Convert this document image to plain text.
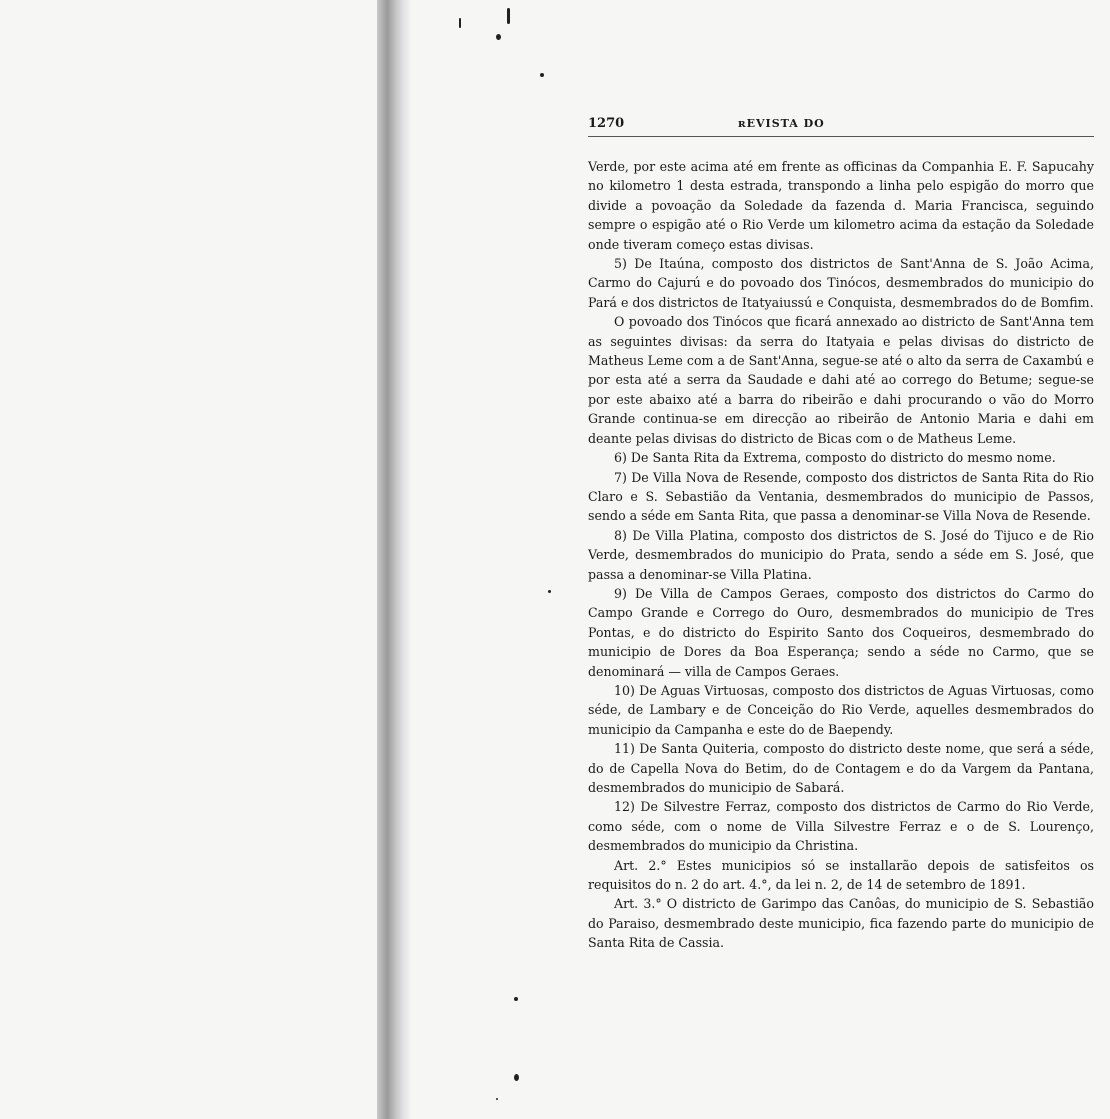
1270	ʀEVISTA DO

Verde, por este acima até em frente as officinas da Companhia E. F. Sapucahy no kilometro 1 desta estrada, transpondo a linha pelo espigão do morro que divide a povoação da Soledade da fazenda d. Maria Francisca, seguindo sempre o espigão até o Rio Verde um kilometro acima da estação da Soledade onde tiveram começo estas divisas.

5) De Itaúna, composto dos districtos de Sant'Anna de S. João Acima, Carmo do Cajurú e do povoado dos Tinócos, desmembrados do municipio do Pará e dos districtos de Itatyaiussú e Conquista, desmembrados do de Bomfim.

O povoado dos Tinócos que ficará annexado ao districto de Sant'Anna tem as seguintes divisas: da serra do Itatyaia e pelas divisas do districto de Matheus Leme com a de Sant'Anna, segue-se até o alto da serra de Caxambú e por esta até a serra da Saudade e dahi até ao corrego do Betume; segue-se por este abaixo até a barra do ribeirão e dahi procurando o vão do Morro Grande continua-se em direcção ao ribeirão de Antonio Maria e dahi em deante pelas divisas do districto de Bicas com o de Matheus Leme.

6) De Santa Rita da Extrema, composto do districto do mesmo nome.

7) De Villa Nova de Resende, composto dos districtos de Santa Rita do Rio Claro e S. Sebastião da Ventania, desmembrados do municipio de Passos, sendo a séde em Santa Rita, que passa a denominar-se Villa Nova de Resende.

8) De Villa Platina, composto dos districtos de S. José do Tijuco e de Rio Verde, desmembrados do municipio do Prata, sendo a séde em S. José, que passa a denominar-se Villa Platina.

9) De Villa de Campos Geraes, composto dos districtos do Carmo do Campo Grande e Corrego do Ouro, desmembrados do municipio de Tres Pontas, e do districto do Espirito Santo dos Coqueiros, desmembrado do municipio de Dores da Boa Esperança; sendo a séde no Carmo, que se denominará — villa de Campos Geraes.

10) De Aguas Virtuosas, composto dos districtos de Aguas Virtuosas, como séde, de Lambary e de Conceição do Rio Verde, aquelles desmembrados do municipio da Campanha e este do de Baependy.

11) De Santa Quiteria, composto do districto deste nome, que será a séde, do de Capella Nova do Betim, do de Contagem e do da Vargem da Pantana, desmembrados do municipio de Sabará.

12) De Silvestre Ferraz, composto dos districtos de Carmo do Rio Verde, como séde, com o nome de Villa Silvestre Ferraz e o de S. Lourenço, desmembrados do municipio da Christina.

Art. 2.° Estes municipios só se installarão depois de satisfeitos os requisitos do n. 2 do art. 4.°, da lei n. 2, de 14 de setembro de 1891.

Art. 3.° O districto de Garimpo das Canôas, do municipio de S. Sebastião do Paraiso, desmembrado deste municipio, fica fazendo parte do municipio de Santa Rita de Cassia.
